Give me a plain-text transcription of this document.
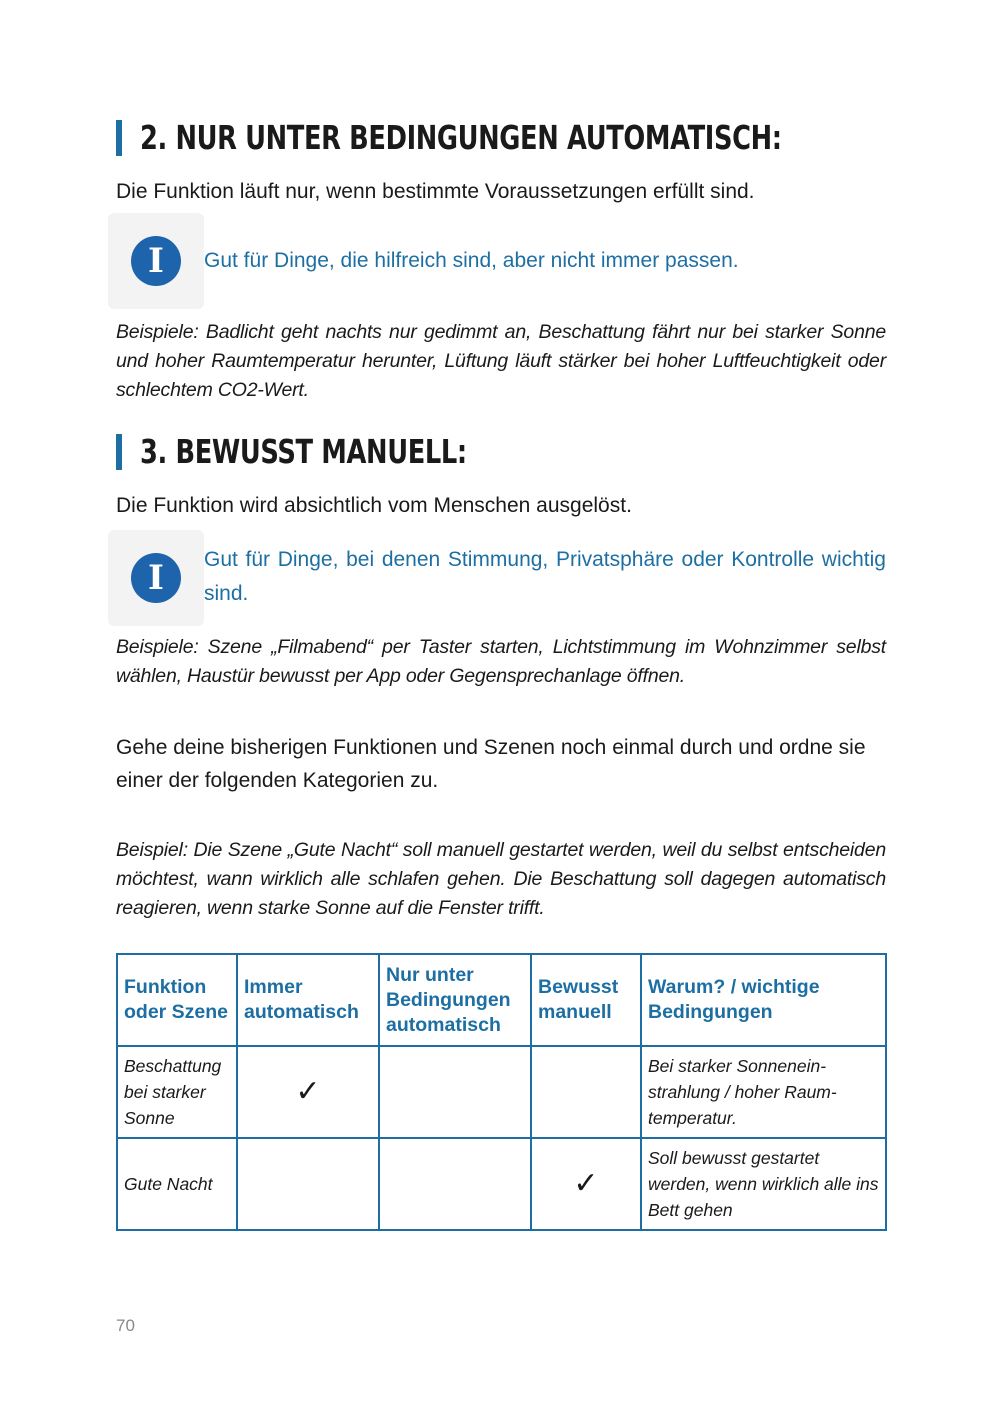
2. NUR UNTER BEDINGUNGEN AUTOMATISCH:
Die Funktion läuft nur, wenn bestimmte Voraussetzungen erfüllt sind.
I	Gut für Dinge, die hilfreich sind, aber nicht immer passen.
Beispiele: Badlicht geht nachts nur gedimmt an, Beschattung fährt nur bei starker Sonne und hoher Raumtemperatur herunter, Lüftung läuft stärker bei hoher Luftfeuchtigkeit oder schlechtem CO2-Wert.
3. BEWUSST MANUELL:
Die Funktion wird absichtlich vom Menschen ausgelöst.
I	Gut für Dinge, bei denen Stimmung, Privatsphäre oder Kontrolle wichtig sind.
Beispiele: Szene „Filmabend“ per Taster starten, Lichtstimmung im Wohnzimmer selbst wählen, Haustür bewusst per App oder Gegensprechanlage öffnen.
Gehe deine bisherigen Funktionen und Szenen noch einmal durch und ordne sie einer der folgenden Kategorien zu.
Beispiel: Die Szene „Gute Nacht“ soll manuell gestartet werden, weil du selbst entscheiden möchtest, wann wirklich alle schlafen gehen. Die Beschattung soll dagegen automatisch reagieren, wenn starke Sonne auf die Fenster trifft.
Funktion oder Szene	Immer automatisch	Nur unter Bedingungen automatisch	Bewusst manuell	Warum? / wichtige Bedingungen
Beschattung bei starker Sonne	✓			Bei starker Sonnenein-strahlung / hoher Raum-temperatur.
Gute Nacht			✓	Soll bewusst gestartet werden, wenn wirklich alle ins Bett gehen
70
